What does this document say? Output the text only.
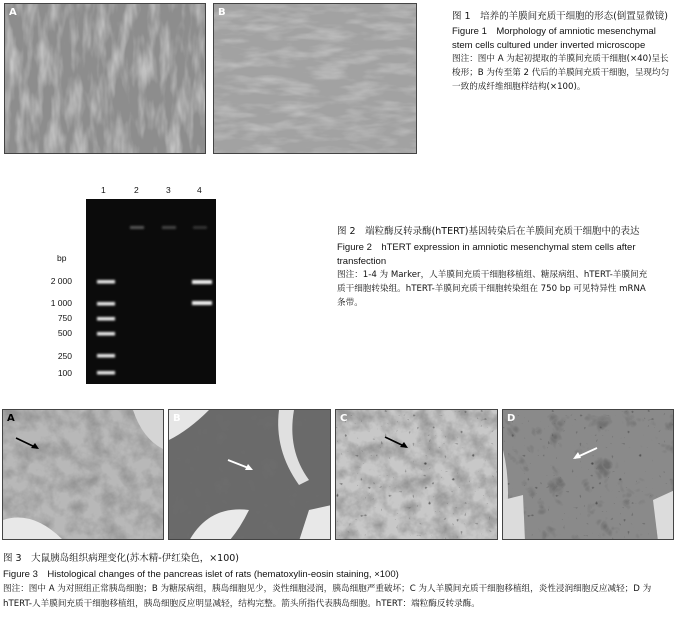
A	B	图 1　培养的羊膜间充质干细胞的形态(倒置显微镜)
Figure 1　Morphology of amniotic mesenchymal stem cells cultured under inverted microscope
图注：图中 A 为起初提取的羊膜间充质干细胞(×40)呈长梭形；B 为传至第 2 代后的羊膜间充质干细胞，呈现均匀一致的成纤维细胞样结构(×100)。
1	2	3	4
bp
2 000
1 000
750
500
250
100
图 2　端粒酶反转录酶(hTERT)基因转染后在羊膜间充质干细胞中的表达
Figure 2　hTERT expression in amniotic mesenchymal stem cells after transfection
图注：1-4 为 Marker，人羊膜间充质干细胞移植组、糖尿病组、hTERT-羊膜间充质干细胞转染组。hTERT-羊膜间充质干细胞转染组在 750 bp 可见特异性 mRNA 条带。
A	B	C	D
图 3　大鼠胰岛组织病理变化(苏木精-伊红染色，×100)
Figure 3　Histological changes of the pancreas islet of rats (hematoxylin-eosin staining, ×100)
图注：图中 A 为对照组正常胰岛细胞；B 为糖尿病组，胰岛细胞见少，炎性细胞浸润，胰岛细胞严重破坏；C 为人羊膜间充质干细胞移植组，炎性浸润细胞反应减轻；D 为 hTERT-人羊膜间充质干细胞移植组，胰岛细胞反应明显减轻，结构完整。箭头所指代表胰岛细胞。hTERT：端粒酶反转录酶。
